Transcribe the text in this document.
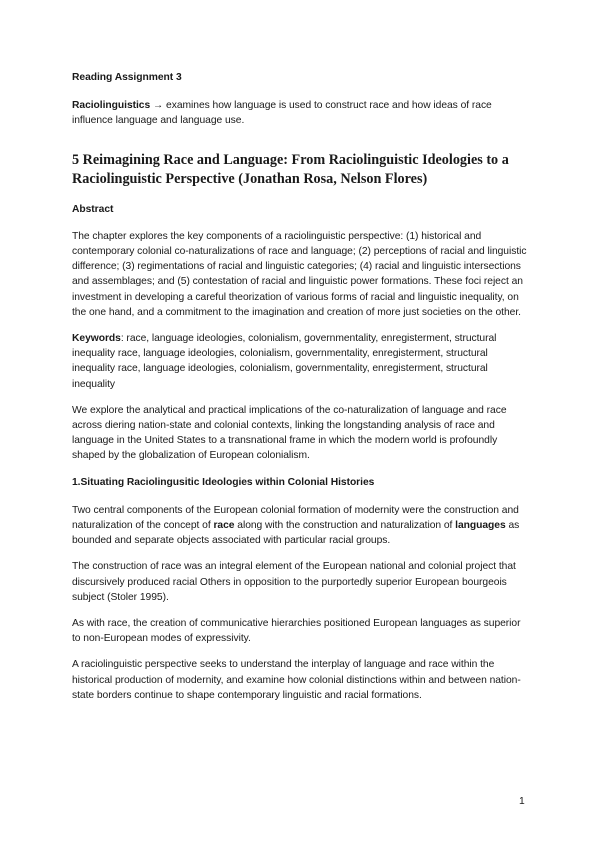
Reading Assignment 3

Raciolinguistics → examines how language is used to construct race and how ideas of race influence language and language use.

5 Reimagining Race and Language: From Raciolinguistic Ideologies to a Raciolinguistic Perspective (Jonathan Rosa, Nelson Flores)

Abstract

The chapter explores the key components of a raciolinguistic perspective: (1) historical and contemporary colonial co-naturalizations of race and language; (2) perceptions of racial and linguistic difference; (3) regimentations of racial and linguistic categories; (4) racial and linguistic intersections and assemblages; and (5) contestation of racial and linguistic power formations. These foci reject an investment in developing a careful theorization of various forms of racial and linguistic inequality, on the one hand, and a commitment to the imagination and creation of more just societies on the other.

Keywords: race, language ideologies, colonialism, governmentality, enregisterment, structural inequality race, language ideologies, colonialism, governmentality, enregisterment, structural inequality race, language ideologies, colonialism, governmentality, enregisterment, structural inequality

We explore the analytical and practical implications of the co-naturalization of language and race across diering nation-state and colonial contexts, linking the longstanding analysis of race and language in the United States to a transnational frame in which the modern world is profoundly shaped by the globalization of European colonialism.

1.Situating Raciolingusitic Ideologies within Colonial Histories

Two central components of the European colonial formation of modernity were the construction and naturalization of the concept of race along with the construction and naturalization of languages as bounded and separate objects associated with particular racial groups.

The construction of race was an integral element of the European national and colonial project that discursively produced racial Others in opposition to the purportedly superior European bourgeois subject (Stoler 1995).

As with race, the creation of communicative hierarchies positioned European languages as superior to non-European modes of expressivity.

A raciolinguistic perspective seeks to understand the interplay of language and race within the historical production of modernity, and examine how colonial distinctions within and between nation-state borders continue to shape contemporary linguistic and racial formations.

1
